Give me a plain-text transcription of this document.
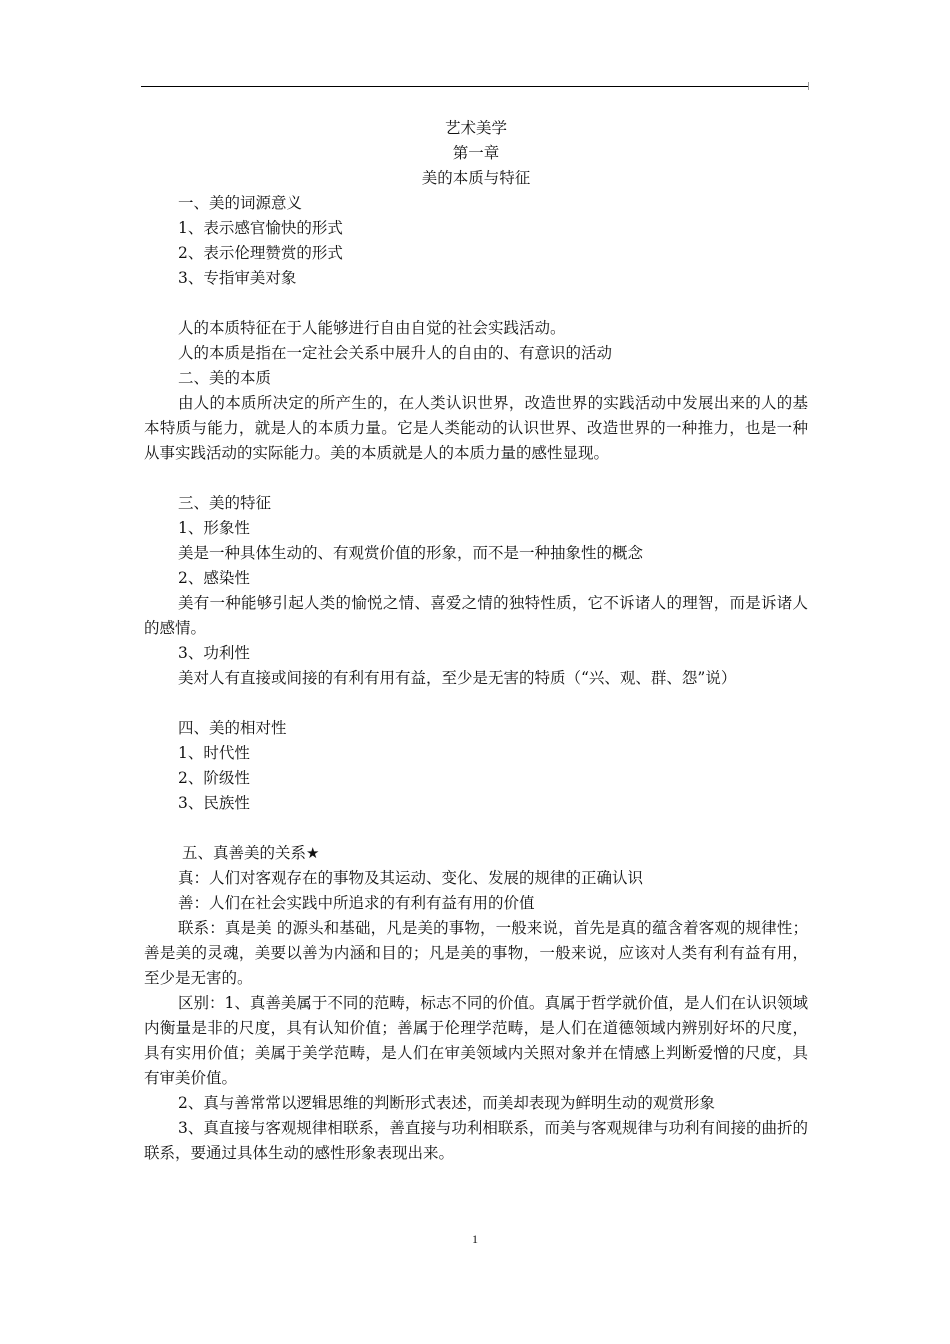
艺术美学
第一章
美的本质与特征
一、美的词源意义
1、表示感官愉快的形式
2、表示伦理赞赏的形式
3、专指审美对象
人的本质特征在于人能够进行自由自觉的社会实践活动。
人的本质是指在一定社会关系中展升人的自由的、有意识的活动
二、美的本质
由人的本质所决定的所产生的，在人类认识世界，改造世界的实践活动中发展出来的人的基本特质与能力，就是人的本质力量。它是人类能动的认识世界、改造世界的一种推力，也是一种从事实践活动的实际能力。美的本质就是人的本质力量的感性显现。
三、美的特征
1、形象性
美是一种具体生动的、有观赏价值的形象，而不是一种抽象性的概念
2、感染性
美有一种能够引起人类的愉悦之情、喜爱之情的独特性质，它不诉诸人的理智，而是诉诸人的感情。
3、功利性
美对人有直接或间接的有利有用有益，至少是无害的特质（“兴、观、群、怨”说）
四、美的相对性
1、时代性
2、阶级性
3、民族性
五、真善美的关系★
真：人们对客观存在的事物及其运动、变化、发展的规律的正确认识
善：人们在社会实践中所追求的有利有益有用的价值
联系：真是美 的源头和基础，凡是美的事物，一般来说，首先是真的蕴含着客观的规律性；善是美的灵魂，美要以善为内涵和目的；凡是美的事物，一般来说，应该对人类有利有益有用，至少是无害的。
区别：1、真善美属于不同的范畴，标志不同的价值。真属于哲学就价值，是人们在认识领域内衡量是非的尺度，具有认知价值；善属于伦理学范畴，是人们在道德领域内辨别好坏的尺度，具有实用价值；美属于美学范畴，是人们在审美领域内关照对象并在情感上判断爱憎的尺度，具有审美价值。
2、真与善常常以逻辑思维的判断形式表述，而美却表现为鲜明生动的观赏形象
3、真直接与客观规律相联系，善直接与功利相联系，而美与客观规律与功利有间接的曲折的联系，要通过具体生动的感性形象表现出来。
1
